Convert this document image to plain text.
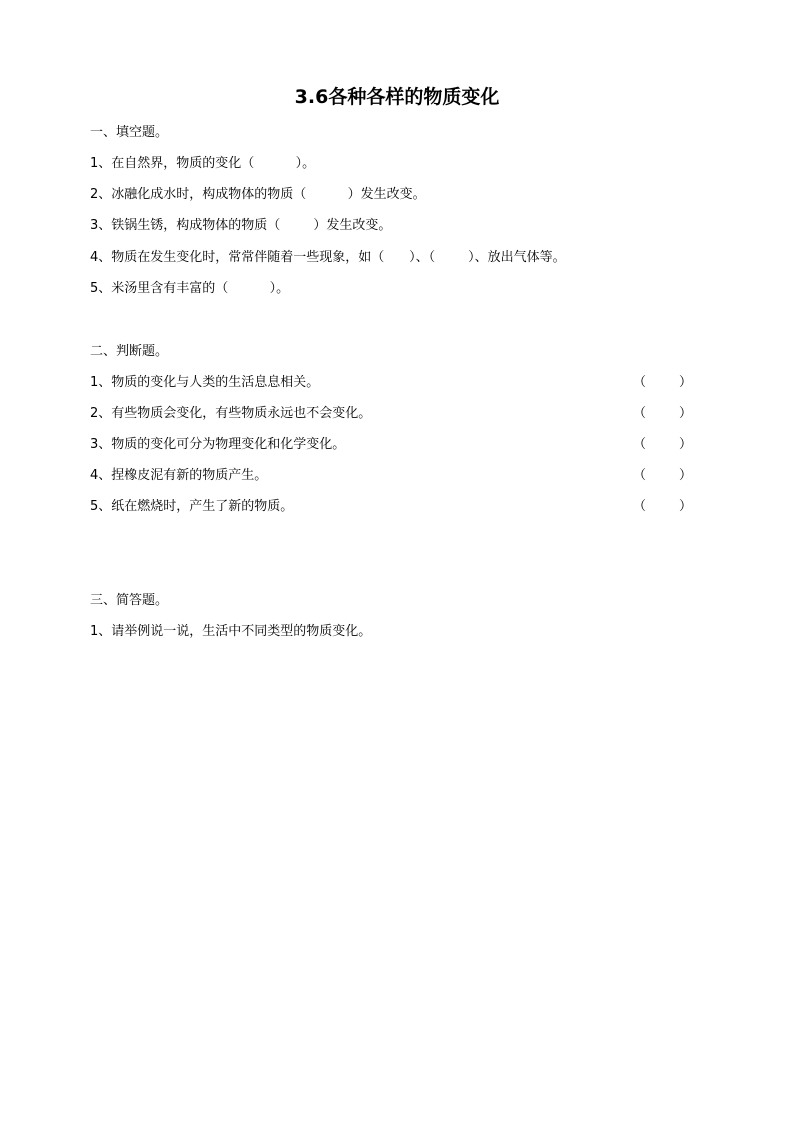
3.6各种各样的物质变化
一、填空题。
1、在自然界，物质的变化（          ）。
2、冰融化成水时，构成物体的物质（          ）发生改变。
3、铁锅生锈，构成物体的物质（        ）发生改变。
4、物质在发生变化时，常常伴随着一些现象，如（      ）、（        ）、放出气体等。
5、米汤里含有丰富的（          ）。
二、判断题。
1、物质的变化与人类的生活息息相关。	（        ）
2、有些物质会变化，有些物质永远也不会变化。	（        ）
3、物质的变化可分为物理变化和化学变化。	（        ）
4、捏橡皮泥有新的物质产生。	（        ）
5、纸在燃烧时，产生了新的物质。	（        ）
三、简答题。
1、请举例说一说，生活中不同类型的物质变化。
